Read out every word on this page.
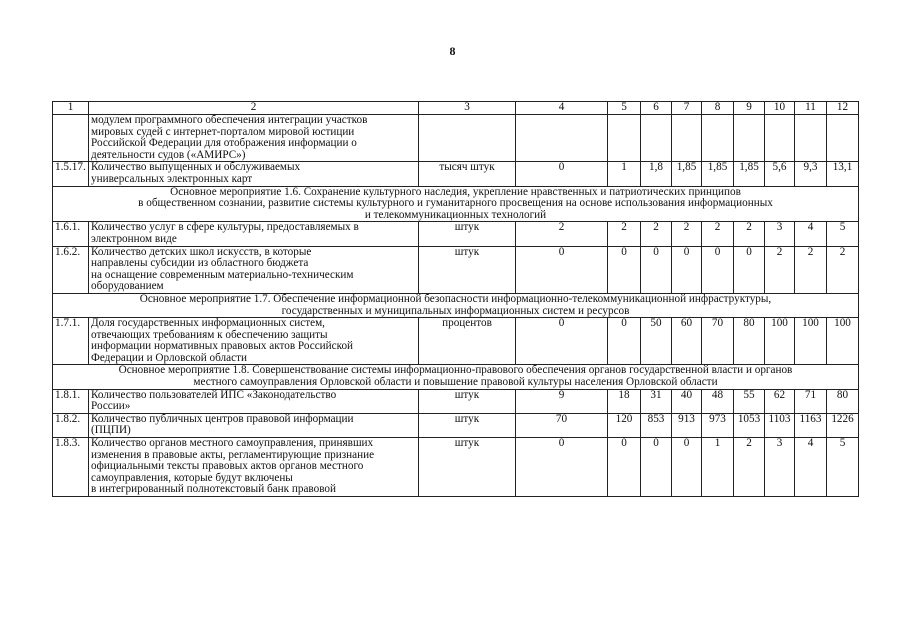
8
1	2	3	4	5	6	7	8	9	10	11	12
	модулем программного обеспечения интеграции участков
мировых судей с интернет-порталом мировой юстиции
Российской Федерации для отображения информации о
деятельности судов («АМИРС»)										
1.5.17.	Количество выпущенных и обслуживаемых
универсальных электронных карт	тысяч штук	0	1	1,8	1,85	1,85	1,85	5,6	9,3	13,1
Основное мероприятие 1.6. Сохранение культурного наследия, укрепление нравственных и патриотических принципов
в общественном сознании, развитие системы культурного и гуманитарного просвещения на основе использования информационных
и телекоммуникационных технологий											
1.6.1.	Количество услуг в сфере культуры, предоставляемых в
электронном виде	штук	2	2	2	2	2	2	3	4	5
1.6.2.	Количество детских школ искусств, в которые
направлены субсидии из областного бюджета
на оснащение современным материально-техническим
оборудованием	штук	0	0	0	0	0	0	2	2	2
Основное мероприятие 1.7. Обеспечение информационной безопасности информационно-телекоммуникационной инфраструктуры,
государственных и муниципальных информационных систем и ресурсов											
1.7.1.	Доля государственных информационных систем,
отвечающих требованиям к обеспечению защиты
информации нормативных правовых актов Российской
Федерации и Орловской области	процентов	0	0	50	60	70	80	100	100	100
Основное мероприятие 1.8. Совершенствование системы информационно-правового обеспечения органов государственной власти и органов
местного самоуправления Орловской области и повышение правовой культуры населения Орловской области											
1.8.1.	Количество пользователей ИПС «Законодательство
России»	штук	9	18	31	40	48	55	62	71	80
1.8.2.	Количество публичных центров правовой информации
(ПЦПИ)	штук	70	120	853	913	973	1053	1103	1163	1226
1.8.3.	Количество органов местного самоуправления, принявших
изменения в правовые акты, регламентирующие признание
официальными тексты правовых актов органов местного
самоуправления, которые будут включены
в интегрированный полнотекстовый банк правовой	штук	0	0	0	0	1	2	3	4	5
